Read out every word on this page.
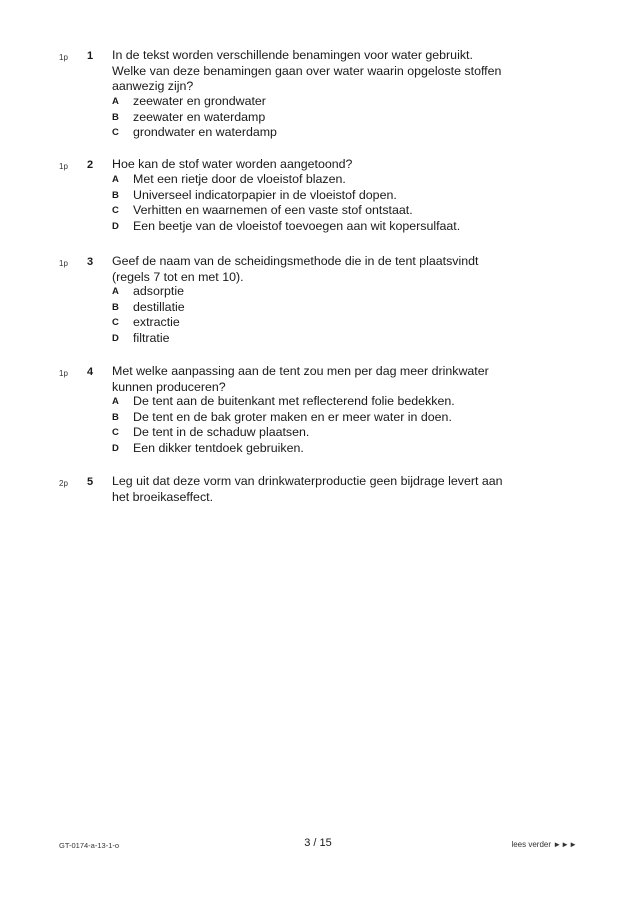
1p 1 In de tekst worden verschillende benamingen voor water gebruikt.
Welke van deze benamingen gaan over water waarin opgeloste stoffen
aanwezig zijn?
A zeewater en grondwater
B zeewater en waterdamp
C grondwater en waterdamp
1p 2 Hoe kan de stof water worden aangetoond?
A Met een rietje door de vloeistof blazen.
B Universeel indicatorpapier in de vloeistof dopen.
C Verhitten en waarnemen of een vaste stof ontstaat.
D Een beetje van de vloeistof toevoegen aan wit kopersulfaat.
1p 3 Geef de naam van de scheidingsmethode die in de tent plaatsvindt
(regels 7 tot en met 10).
A adsorptie
B destillatie
C extractie
D filtratie
1p 4 Met welke aanpassing aan de tent zou men per dag meer drinkwater
kunnen produceren?
A De tent aan de buitenkant met reflecterend folie bedekken.
B De tent en de bak groter maken en er meer water in doen.
C De tent in de schaduw plaatsen.
D Een dikker tentdoek gebruiken.
2p 5 Leg uit dat deze vorm van drinkwaterproductie geen bijdrage levert aan
het broeikaseffect.
GT-0174-a-13-1-o	3 / 15	lees verder ►►►
